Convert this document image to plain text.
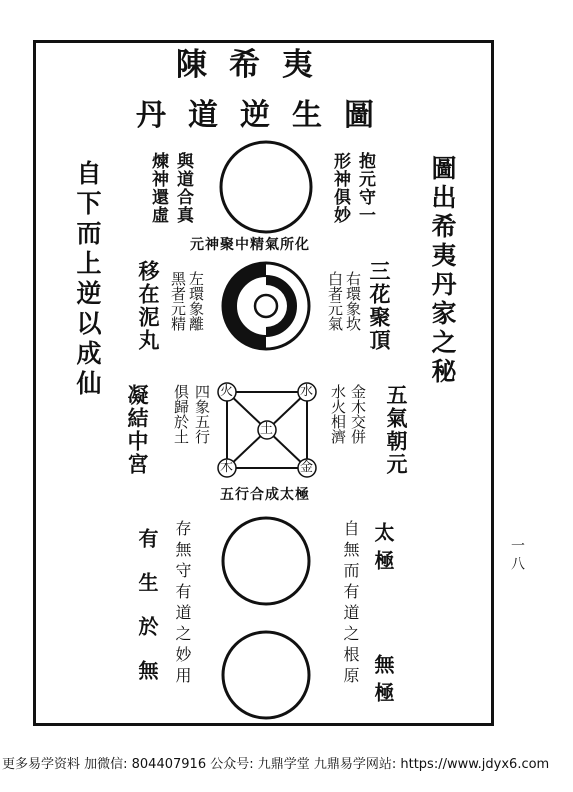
陳希夷
丹道逆生圖
圖出希夷丹家之秘
自下而上逆以成仙
一八
火	水
土
木	金
煉神還虛 與道合真	形神俱妙 抱元守一
元神聚中精氣所化
移在泥丸 左環象離
黑者元精	右環象坎
白者元氣 三花聚頂
凝結中宮	四象五行
俱歸於土	金木交併
水火相濟 五氣朝元
五行合成太極
有生於無 存無守有道之妙用	自無而有道之根原 太極
無極
更多易学资料 加微信: 804407916 公众号: 九鼎学堂 九鼎易学网站: https://www.jdyx6.com
